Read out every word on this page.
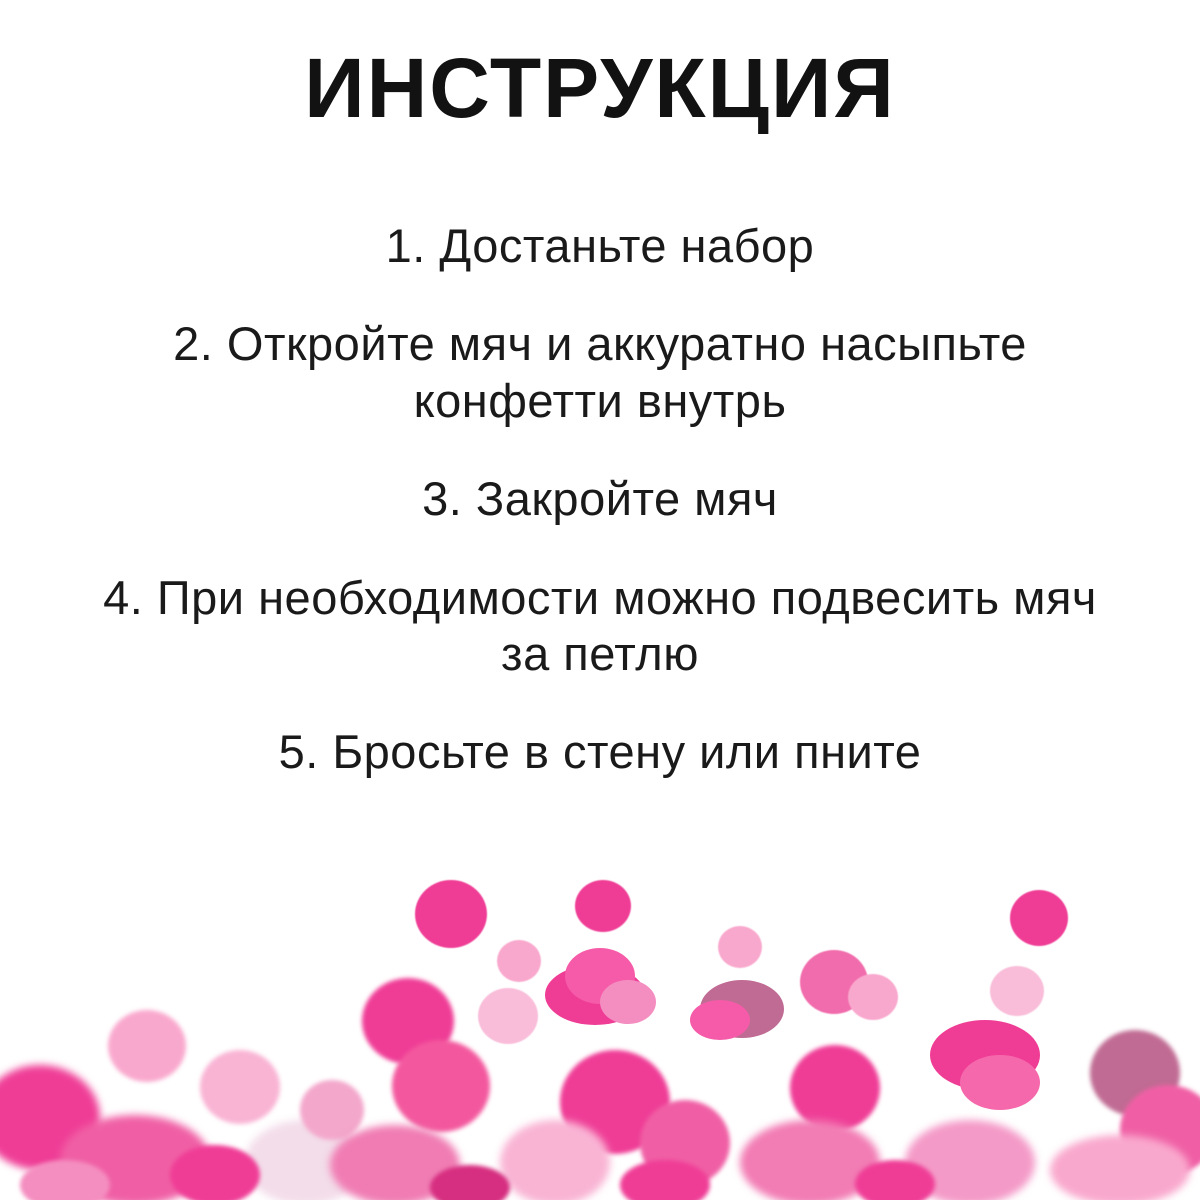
ИНСТРУКЦИЯ
1. Достаньте набор
2. Откройте мяч и аккуратно насыпьте конфетти внутрь
3. Закройте мяч
4. При необходимости можно подвесить мяч за петлю
5. Бросьте в стену или пните
